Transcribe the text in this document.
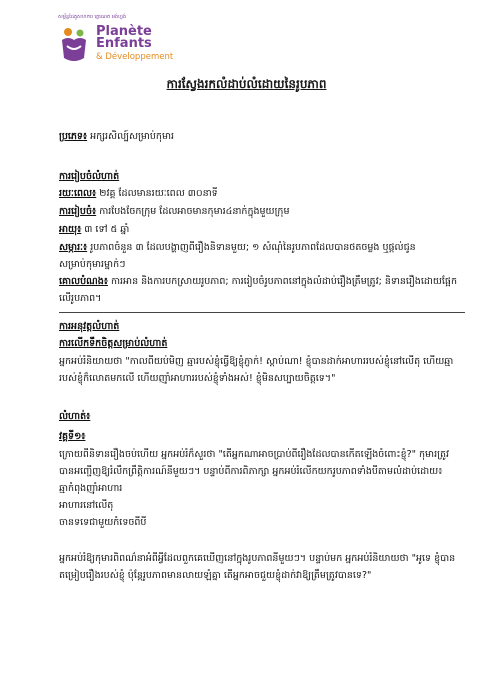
សម្ព័ន្ធដៃគូសហការ ភ្លេណេត អង់ហ្វង់
Planète
Enfants
& Développement
ការស្វែងរកលំដាប់លំដោយនៃរូបភាព
ប្រភេទ៖ អក្សរសិល្ប៍សម្រាប់កុមារ
ការរៀបចំលំហាត់
រយៈពេល៖ ២វគ្គ ដែលមានរយៈពេល ៣០នាទី
ការរៀបចំ៖ ការបែងចែកក្រុម ដែលអាចមានកុមារ៤នាក់ក្នុងមួយក្រុម
អាយុ៖ ៣ ទៅ ៥ ឆ្នាំ
សម្ភារៈ៖ រូបភាពចំនួន ៣ ដែលបង្ហាញពីរឿងនិទានមួយ; ១ សំណុំនៃរូបភាពដែលបានថតចម្លង ឬផ្តល់ជូន
សម្រាប់កុមារម្នាក់ៗ
គោលបំណង៖ ការអាន និងការបកស្រាយរូបភាព; ការរៀបចំរូបភាពនៅក្នុងលំដាប់រឿងត្រឹមត្រូវ; និទានរឿងដោយផ្អែក
លើរូបភាព។
ការអនុវត្តលំហាត់
ការលើកទឹកចិត្តសម្រាប់លំហាត់
អ្នកអប់រំនិយាយថា "កាលពីយប់មិញ ឆ្មារបស់ខ្ញុំធ្វើឱ្យខ្ញុំភ្ញាក់! ស្តាប់ណា! ខ្ញុំបានដាក់អាហាររបស់ខ្ញុំនៅលើតុ ហើយឆ្មា
របស់ខ្ញុំក៏លោតមកលើ ហើយញ៉ាំអាហាររបស់ខ្ញុំទាំងអស់! ខ្ញុំមិនសប្បាយចិត្តទេ។"
លំហាត់៖
វគ្គទី១៖
ក្រោយពីនិទានរឿងចប់ហើយ អ្នកអប់រំក៏សួរថា "តើអ្នកណាអាចប្រាប់ពីរឿងដែលបានកើតឡើងចំពោះខ្ញុំ?" កុមារត្រូវ
បានអញ្ជើញឱ្យរំលឹកព្រឹត្តិការណ៍នីមួយៗ។ បន្ទាប់ពីការពិភាក្សា អ្នកអប់រំលើកយករូបភាពទាំងបីតាមលំដាប់ដោយ៖
ឆ្មាកំពុងញ៉ាំអាហារ
អាហារនៅលើតុ
ចានទទេជាមួយកំទេចពីបី
អ្នកអប់រំឱ្យកុមារពិពណ៌នាអំពីអ្វីដែលពួកគេឃើញនៅក្នុងរូបភាពនីមួយៗ។ បន្ទាប់មក អ្នកអប់រំនិយាយថា "អូទេ ខ្ញុំបាន
តម្រៀបរឿងរបស់ខ្ញុំ ប៉ុន្តែរូបភាពមានលាយឡំគ្នា តើអ្នកអាចជួយខ្ញុំដាក់វាឱ្យត្រឹមត្រូវបានទេ?"
